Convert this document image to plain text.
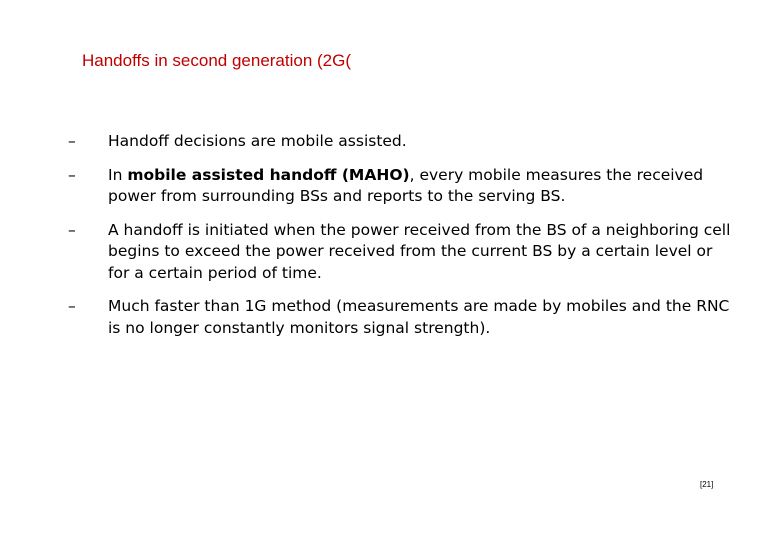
Handoffs in second generation (2G(
–	Handoff decisions are mobile assisted.
–	In mobile assisted handoff (MAHO), every mobile measures the received power from surrounding BSs and reports to the serving BS.
–	A handoff is initiated when the power received from the BS of a neighboring cell begins to exceed the power received from the current BS by a certain level or for a certain period of time.
–	Much faster than 1G method (measurements are made by mobiles and the RNC is no longer constantly monitors signal strength).
[21]
